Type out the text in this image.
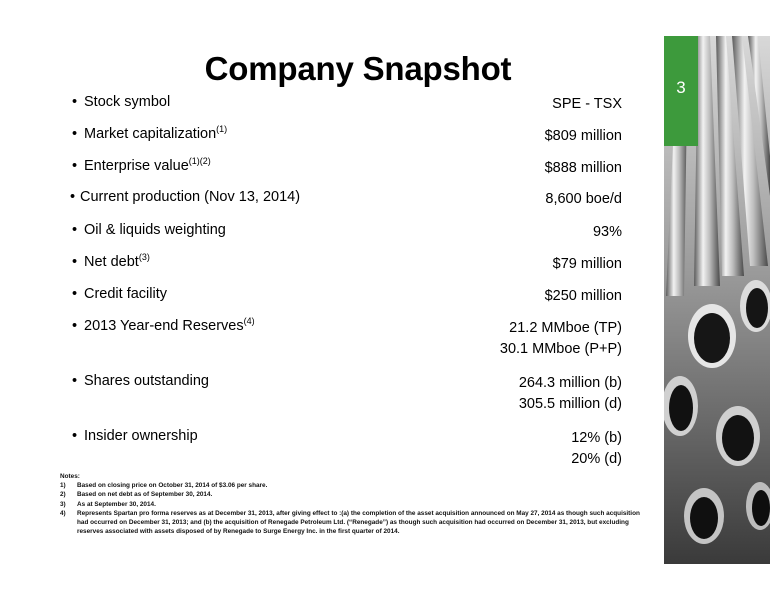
Company Snapshot
• Stock symbol	SPE - TSX
• Market capitalization$^{(1)}$	$809 million
• Enterprise value$^{(1)(2)}$	$888 million
• Current production (Nov 13, 2014)	8,600 boe/d
• Oil & liquids weighting	93%
• Net debt$^{(3)}$	$79 million
• Credit facility	$250 million
• 2013 Year-end Reserves$^{(4)}$	21.2 MMboe (TP)
30.1 MMboe (P+P)
• Shares outstanding	264.3 million (b)
305.5 million (d)
• Insider ownership	12% (b)
20% (d)
Notes:
1) Based on closing price on October 31, 2014 of $3.06 per share.
2) Based on net debt as of September 30, 2014.
3) As at September 30, 2014.
4) Represents Spartan pro forma reserves as at December 31, 2013, after giving effect to :(a) the completion of the asset acquisition announced on May 27, 2014 as though such acquisition had occurred on December 31, 2013; and (b) the acquisition of Renegade Petroleum Ltd. (“Renegade”) as though such acquisition had occurred on December 31, 2013, but excluding reserves associated with assets disposed of by Renegade to Surge Energy Inc. in the first quarter of 2014.
3
